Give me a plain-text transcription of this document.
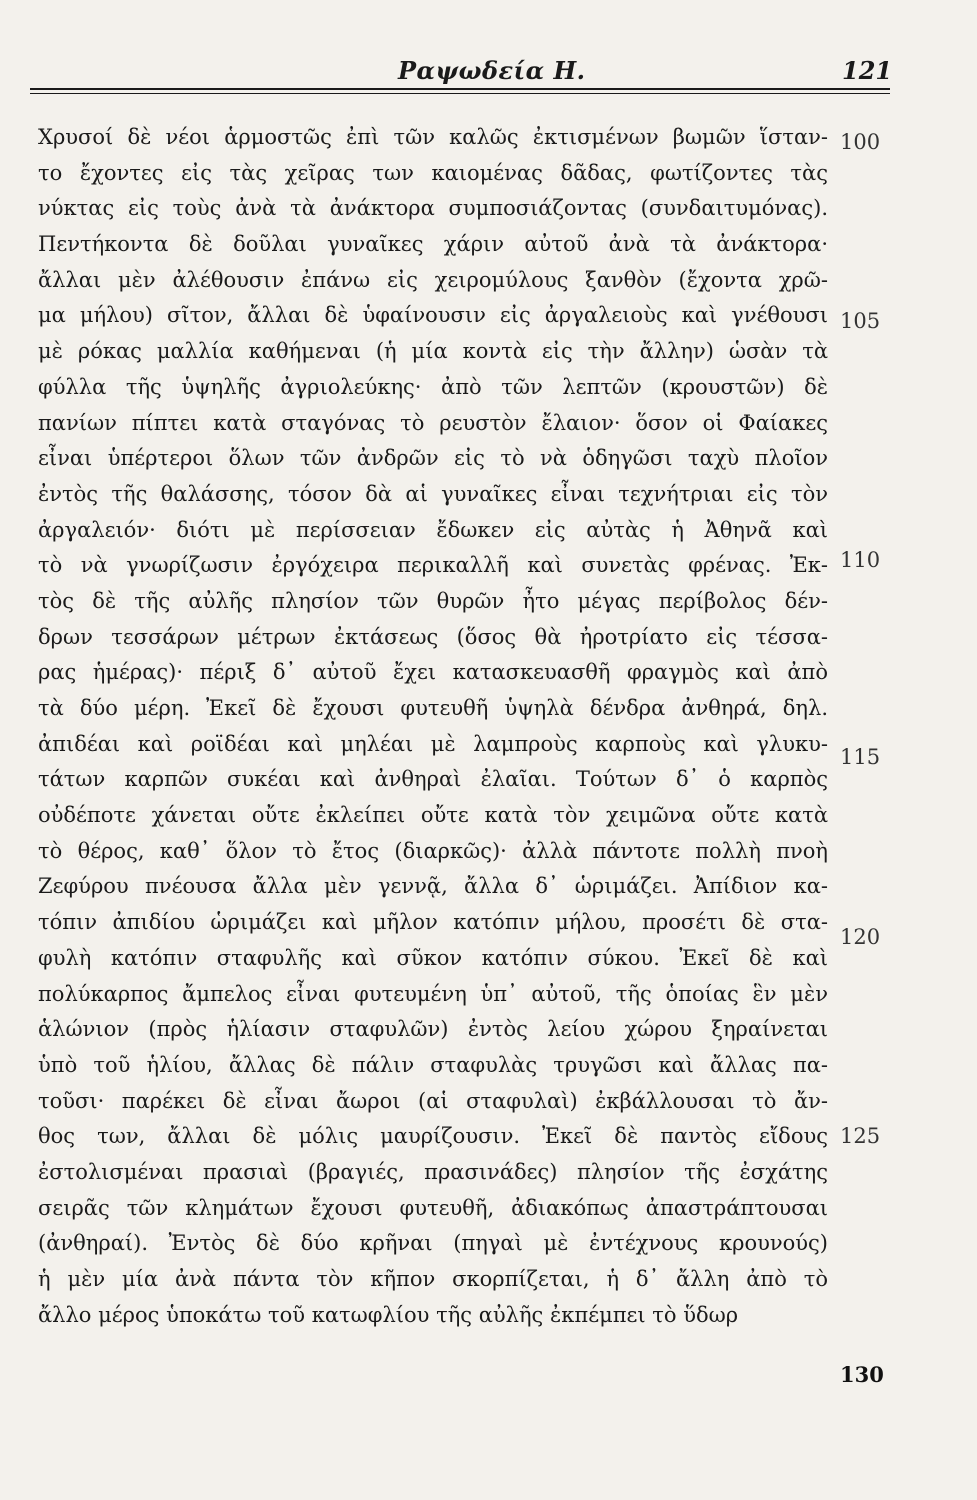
Ραψωδεία Η.	121
Χρυσοί δὲ νέοι ἁρμοστῶς ἐπὶ τῶν καλῶς ἐκτισμένων βωμῶν ἵσταν-
το ἔχοντες εἰς τὰς χεῖρας των καιομένας δᾶδας, φωτίζοντες τὰς
νύκτας εἰς τοὺς ἀνὰ τὰ ἀνάκτορα συμποσιάζοντας (συνδαιτυμόνας).
Πεντήκοντα δὲ δοῦλαι γυναῖκες χάριν αὐτοῦ ἀνὰ τὰ ἀνάκτορα·
ἄλλαι μὲν ἀλέθουσιν ἐπάνω εἰς χειρομύλους ξανθὸν (ἔχοντα χρῶ-
μα μήλου) σῖτον, ἄλλαι δὲ ὑφαίνουσιν εἰς ἀργαλειοὺς καὶ γνέθουσι
μὲ ρόκας μαλλία καθήμεναι (ἡ μία κοντὰ εἰς τὴν ἄλλην) ὡσὰν τὰ
φύλλα τῆς ὑψηλῆς ἀγριολεύκης· ἀπὸ τῶν λεπτῶν (κρουστῶν) δὲ
πανίων πίπτει κατὰ σταγόνας τὸ ρευστὸν ἔλαιον· ὅσον οἱ Φαίακες
εἶναι ὑπέρτεροι ὅλων τῶν ἀνδρῶν εἰς τὸ νὰ ὁδηγῶσι ταχὺ πλοῖον
ἐντὸς τῆς θαλάσσης, τόσον δὰ αἱ γυναῖκες εἶναι τεχνήτριαι εἰς τὸν
ἀργαλειόν· διότι μὲ περίσσειαν ἔδωκεν εἰς αὐτὰς ἡ Ἀθηνᾶ καὶ
τὸ νὰ γνωρίζωσιν ἐργόχειρα περικαλλῆ καὶ συνετὰς φρένας. Ἐκ-
τὸς δὲ τῆς αὐλῆς πλησίον τῶν θυρῶν ἦτο μέγας περίβολος δέν-
δρων τεσσάρων μέτρων ἐκτάσεως (ὅσος θὰ ἠροτρίατο εἰς τέσσα-
ρας ἡμέρας)· πέριξ δ᾽ αὐτοῦ ἔχει κατασκευασθῆ φραγμὸς καὶ ἀπὸ
τὰ δύο μέρη. Ἐκεῖ δὲ ἔχουσι φυτευθῆ ὑψηλὰ δένδρα ἀνθηρά, δηλ.
ἀπιδέαι καὶ ροϊδέαι καὶ μηλέαι μὲ λαμπροὺς καρποὺς καὶ γλυκυ-
τάτων καρπῶν συκέαι καὶ ἀνθηραὶ ἐλαῖαι. Τούτων δ᾽ ὁ καρπὸς
οὐδέποτε χάνεται οὔτε ἐκλείπει οὔτε κατὰ τὸν χειμῶνα οὔτε κατὰ
τὸ θέρος, καθ᾽ ὅλον τὸ ἔτος (διαρκῶς)· ἀλλὰ πάντοτε πολλὴ πνοὴ
Ζεφύρου πνέουσα ἄλλα μὲν γεννᾷ, ἄλλα δ᾽ ὡριμάζει. Ἀπίδιον κα-
τόπιν ἀπιδίου ὡριμάζει καὶ μῆλον κατόπιν μήλου, προσέτι δὲ στα-
φυλὴ κατόπιν σταφυλῆς καὶ σῦκον κατόπιν σύκου. Ἐκεῖ δὲ καὶ
πολύκαρπος ἄμπελος εἶναι φυτευμένη ὑπ᾽ αὐτοῦ, τῆς ὁποίας ἓν μὲν
ἁλώνιον (πρὸς ἡλίασιν σταφυλῶν) ἐντὸς λείου χώρου ξηραίνεται
ὑπὸ τοῦ ἡλίου, ἄλλας δὲ πάλιν σταφυλὰς τρυγῶσι καὶ ἄλλας πα-
τοῦσι· παρέκει δὲ εἶναι ἄωροι (αἱ σταφυλαὶ) ἐκβάλλουσαι τὸ ἄν-
θος των, ἄλλαι δὲ μόλις μαυρίζουσιν. Ἐκεῖ δὲ παντὸς εἴδους
ἐστολισμέναι πρασιαὶ (βραγιές, πρασινάδες) πλησίον τῆς ἐσχάτης
σειρᾶς τῶν κλημάτων ἔχουσι φυτευθῆ, ἀδιακόπως ἀπαστράπτουσαι
(ἀνθηραί). Ἐντὸς δὲ δύο κρῆναι (πηγαὶ μὲ ἐντέχνους κρουνούς)
ἡ μὲν μία ἀνὰ πάντα τὸν κῆπον σκορπίζεται, ἡ δ᾽ ἄλλη ἀπὸ τὸ
ἄλλο μέρος ὑποκάτω τοῦ κατωφλίου τῆς αὐλῆς ἐκπέμπει τὸ ὕδωρ
100
105
110
115
120
125
130
